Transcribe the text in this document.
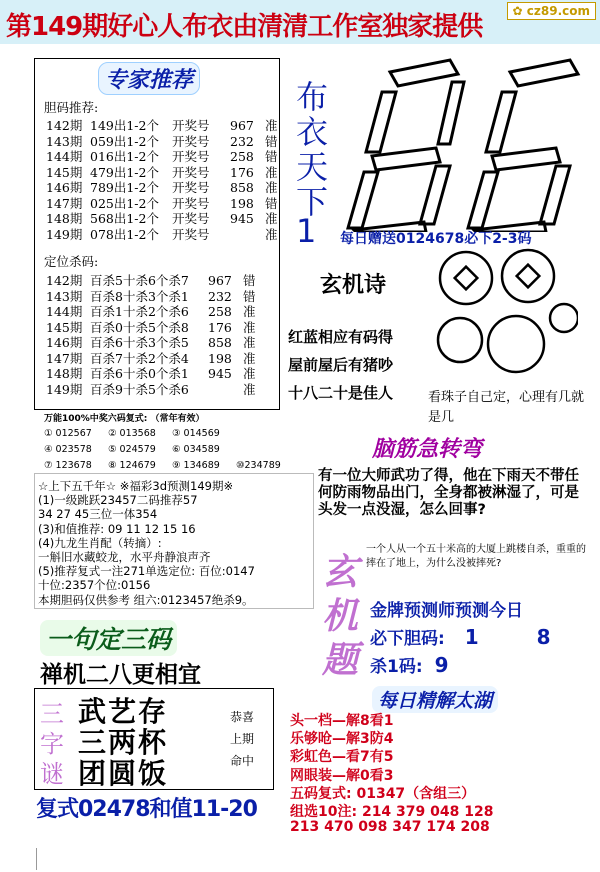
第149期好心人布衣由清清工作室独家提供
✿ cz89.com
专家推荐
胆码推荐:
142期 149出1-2个 开奖号 967 准
143期 059出1-2个 开奖号 232 错
144期 016出1-2个 开奖号 258 错
145期 479出1-2个 开奖号 176 准
146期 789出1-2个 开奖号 858 准
147期 025出1-2个 开奖号 198 错
148期 568出1-2个 开奖号 945 准
149期 078出1-2个 开奖号	准
定位杀码:
142期 百杀5十杀6个杀7 967 错
143期 百杀8十杀3个杀1 232 错
144期 百杀1十杀2个杀6 258 准
145期 百杀0十杀5个杀8 176 准
146期 百杀6十杀3个杀5 858 准
147期 百杀7十杀2个杀4 198 准
148期 百杀6十杀0个杀1 945 准
149期 百杀9十杀5个杀6	准
万能100%中奖六码复式: （常年有效）
① 012567 ② 013568 ③ 014569
④ 023578 ⑤ 024579 ⑥ 034589
⑦ 123678 ⑧ 124679 ⑨ 134689 ⑩234789
☆上下五千年☆ ※福彩3d预测149期※
(1)一级跳跃23457二码推荐57
34 27 45三位一体354
(3)和值推荐: 09 11 12 15 16
(4)九龙生肖配（转摘）:
一斛旧水藏蛟龙，水平舟静浪声齐
(5)推荐复式一注271单选定位: 百位:0147
十位:2357个位:0156
本期胆码仅供参考 组六:0123457绝杀9。
布
衣
天
下
1 每日赠送0124678必下2-3码
玄机诗
红蓝相应有码得
屋前屋后有猪吵
十八二十是佳人	看珠子自己定，心理有几就是几
脑筋急转弯
有一位大师武功了得，他在下雨天不带任何防雨物品出门，全身都被淋湿了，可是头发一点没湿，怎么回事?
玄
机
题
一个人从一个五十米高的大厦上跳楼自杀，重重的摔在了地上，为什么没被摔死?
金牌预测师预测今日
必下胆码: 1	8
杀1码: 9
一句定三码
禅机二八更相宜
三
字
谜
武艺存
三两杯
团圆饭
恭喜
上期
命中
复式02478和值11-20
每日精解太湖
头一档—解8看1
乐够呛—解3防4
彩虹色—看7有5
网眼装—解0看3
五码复式: 01347（含组三）
组选10注: 214 379 048 128
213 470 098 347 174 208
